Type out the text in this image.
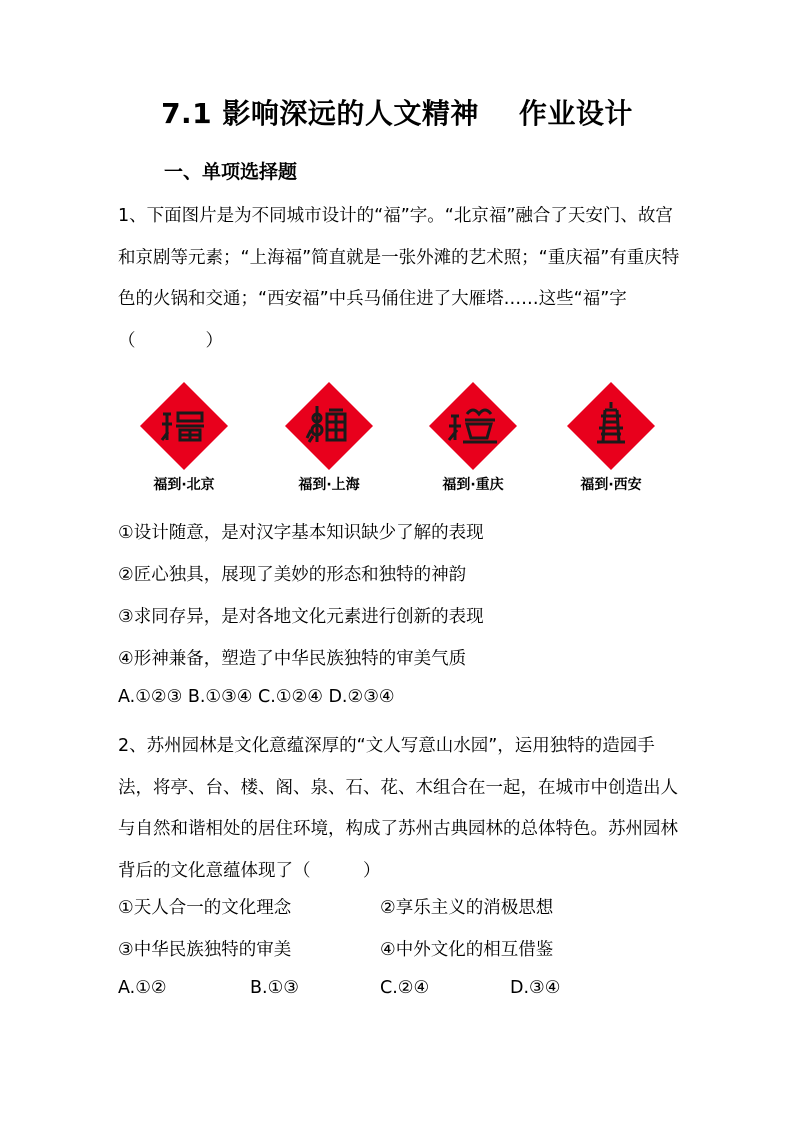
7.1 影响深远的人文精神 作业设计
一、单项选择题
1、下面图片是为不同城市设计的“福”字。“北京福”融合了天安门、故宫和京剧等元素；“上海福”简直就是一张外滩的艺术照；“重庆福”有重庆特色的火锅和交通；“西安福”中兵马俑住进了大雁塔……这些“福”字（　　　　）
福到·北京	福到·上海	福到·重庆	福到·西安
①设计随意，是对汉字基本知识缺少了解的表现
②匠心独具，展现了美妙的形态和独特的神韵
③求同存异，是对各地文化元素进行创新的表现
④形神兼备，塑造了中华民族独特的审美气质
A.①②③ B.①③④ C.①②④ D.②③④
2、苏州园林是文化意蕴深厚的“文人写意山水园”，运用独特的造园手法，将亭、台、楼、阁、泉、石、花、木组合在一起，在城市中创造出人与自然和谐相处的居住环境，构成了苏州古典园林的总体特色。苏州园林背后的文化意蕴体现了（　　　）
①天人合一的文化理念	②享乐主义的消极思想
③中华民族独特的审美	④中外文化的相互借鉴
A.①②	B.①③	C.②④	D.③④
